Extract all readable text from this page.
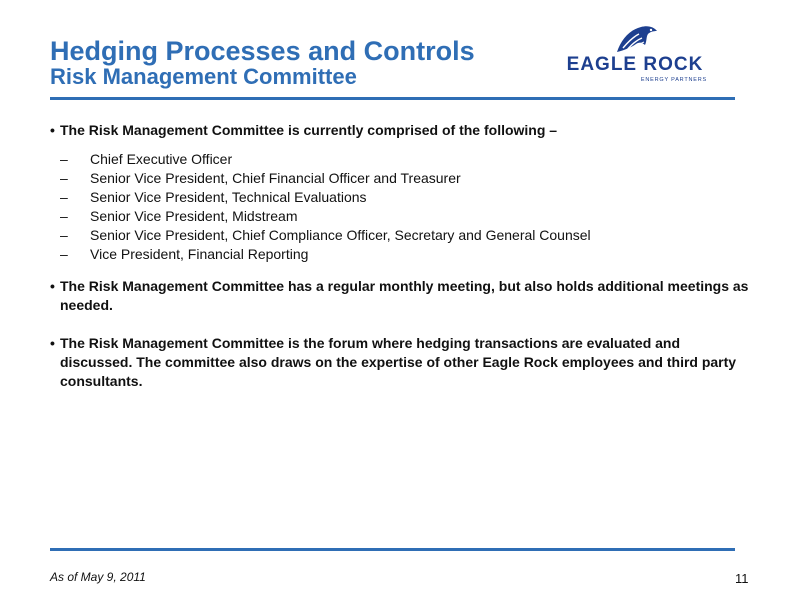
Hedging Processes and Controls
Risk Management Committee	EAGLE ROCK
ENERGY PARTNERS
• The Risk Management Committee is currently comprised of the following –
– Chief Executive Officer
– Senior Vice President, Chief Financial Officer and Treasurer
– Senior Vice President, Technical Evaluations
– Senior Vice President, Midstream
– Senior Vice President, Chief Compliance Officer, Secretary and General Counsel
– Vice President, Financial Reporting
• The Risk Management Committee has a regular monthly meeting, but also holds additional meetings as needed.
• The Risk Management Committee is the forum where hedging transactions are evaluated and discussed. The committee also draws on the expertise of other Eagle Rock employees and third party consultants.
As of May 9, 2011	11
